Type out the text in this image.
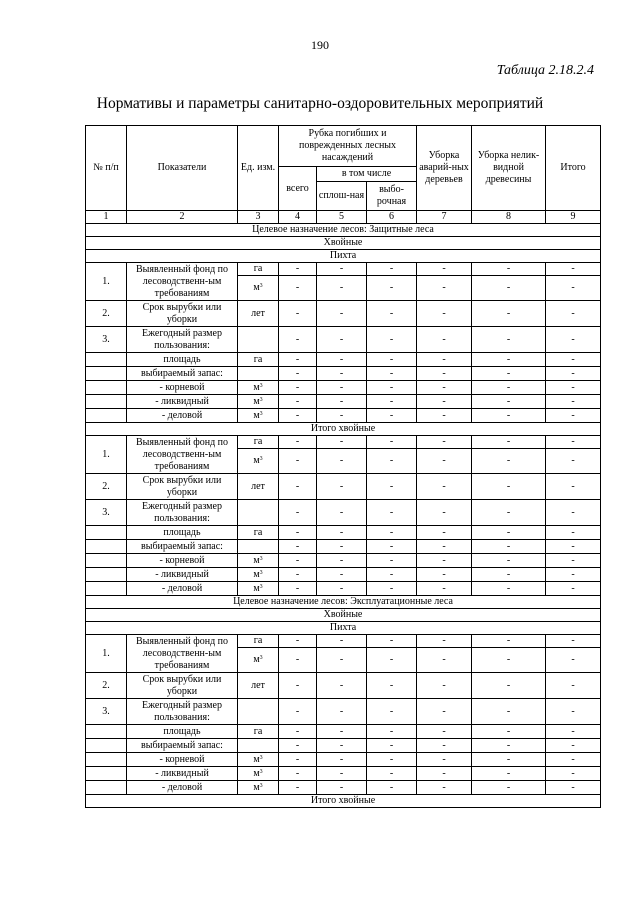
190
Таблица 2.18.2.4
Нормативы и параметры санитарно-оздоровительных мероприятий
№ п/п	Показатели	Ед. изм.	Рубка погибших и поврежденных лесных насаждений			Уборка аварий-ных деревьев	Уборка нелик-видной древесины	Итого
			всего	в том числе				
				сплош-ная	выбо-рочная			

1	2	3	4	5	6	7	8	9
Целевое назначение лесов: Защитные леса								
Хвойные								
Пихта								
1.	Выявленный фонд по лесоводственн-ым требованиям	га	-	-	-	-	-	-
		$м^3$	-	-	-	-	-	-
2.	Срок вырубки или уборки	лет	-	-	-	-	-	-
3.	Ежегодный размер пользования:		-	-	-	-	-	-
	площадь	га	-	-	-	-	-	-
	выбираемый запас:		-	-	-	-	-	-
	- корневой	$м^3$	-	-	-	-	-	-
	- ликвидный	$м^3$	-	-	-	-	-	-
	- деловой	$м^3$	-	-	-	-	-	-
Итого хвойные								
1.	Выявленный фонд по лесоводственн-ым требованиям	га	-	-	-	-	-	-
		$м^3$	-	-	-	-	-	-
2.	Срок вырубки или уборки	лет	-	-	-	-	-	-
3.	Ежегодный размер пользования:		-	-	-	-	-	-
	площадь	га	-	-	-	-	-	-
	выбираемый запас:		-	-	-	-	-	-
	- корневой	$м^3$	-	-	-	-	-	-
	- ликвидный	$м^3$	-	-	-	-	-	-
	- деловой	$м^3$	-	-	-	-	-	-
Целевое назначение лесов: Эксплуатационные леса								
Хвойные								
Пихта								
1.	Выявленный фонд по лесоводственн-ым требованиям	га	-	-	-	-	-	-
		$м^3$	-	-	-	-	-	-
2.	Срок вырубки или уборки	лет	-	-	-	-	-	-
3.	Ежегодный размер пользования:		-	-	-	-	-	-
	площадь	га	-	-	-	-	-	-
	выбираемый запас:		-	-	-	-	-	-
	- корневой	$м^3$	-	-	-	-	-	-
	- ликвидный	$м^3$	-	-	-	-	-	-
	- деловой	$м^3$	-	-	-	-	-	-
Итого хвойные								
